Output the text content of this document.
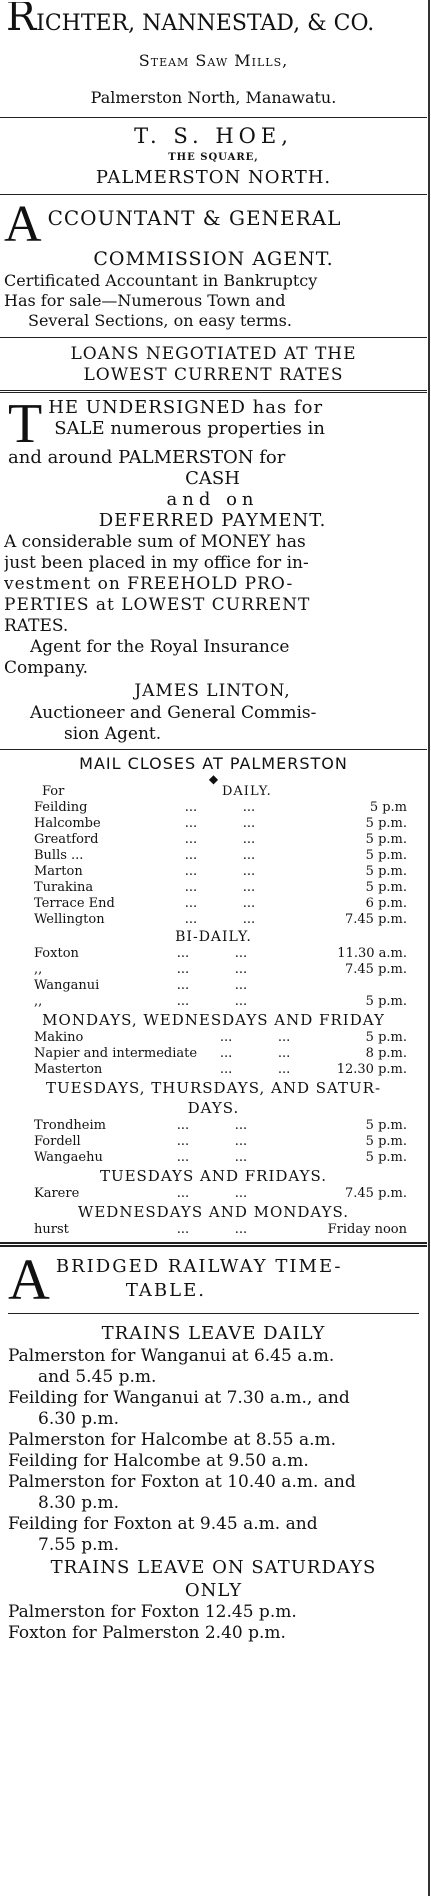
RICHTER, NANNESTAD, & CO.
Steam Saw Mills,
Palmerston North, Manawatu.
T. S. HOE,
THE SQUARE,
PALMERSTON NORTH.
A CCOUNTANT & GENERAL
COMMISSION AGENT.
Certificated Accountant in Bankruptcy
Has for sale—Numerous Town and
Several Sections, on easy terms.
LOANS NEGOTIATED AT THE
LOWEST CURRENT RATES
T HE UNDERSIGNED has for
SALE numerous properties in
and around PALMERSTON for
CASH
and on
DEFERRED PAYMENT.
A considerable sum of MONEY has
just been placed in my office for in-
vestment on FREEHOLD PRO-
PERTIES at LOWEST CURRENT
RATES.
Agent for the Royal Insurance
Company.
JAMES LINTON,
Auctioneer and General Commis-
sion Agent.
MAIL CLOSES AT PALMERSTON
◆
For	DAILY.		
Feilding	...	...	5 p.m
Halcombe	...	...	5 p.m.
Greatford	...	...	5 p.m.
Bulls ...	...	...	5 p.m.
Marton	...	...	5 p.m.
Turakina	...	...	5 p.m.
Terrace End	...	...	6 p.m.
Wellington	...	...	7.45 p.m.
BI-DAILY.
Foxton	...	...	11.30 a.m.
,,	...	...	7.45 p.m.
Wanganui	...	...	
,,	...	...	5 p.m.
MONDAYS, WEDNESDAYS AND FRIDAY
Makino	...	...	5 p.m.
Napier and intermediate	...	...	8 p.m.
Masterton	...	...	12.30 p.m.
TUESDAYS, THURSDAYS, AND SATUR-
DAYS.
Trondheim	...	...	5 p.m.
Fordell	...	...	5 p.m.
Wangaehu	...	...	5 p.m.
TUESDAYS AND FRIDAYS.
Karere	...	...	7.45 p.m.
WEDNESDAYS AND MONDAYS.
hurst	...	...	Friday noon
A BRIDGED RAILWAY TIME-
TABLE.
TRAINS LEAVE DAILY
Palmerston for Wanganui at 6.45 a.m.
and 5.45 p.m.
Feilding for Wanganui at 7.30 a.m., and
6.30 p.m.
Palmerston for Halcombe at 8.55 a.m.
Feilding for Halcombe at 9.50 a.m.
Palmerston for Foxton at 10.40 a.m. and
8.30 p.m.
Feilding for Foxton at 9.45 a.m. and
7.55 p.m.
TRAINS LEAVE ON SATURDAYS
ONLY
Palmerston for Foxton 12.45 p.m.
Foxton for Palmerston 2.40 p.m.
